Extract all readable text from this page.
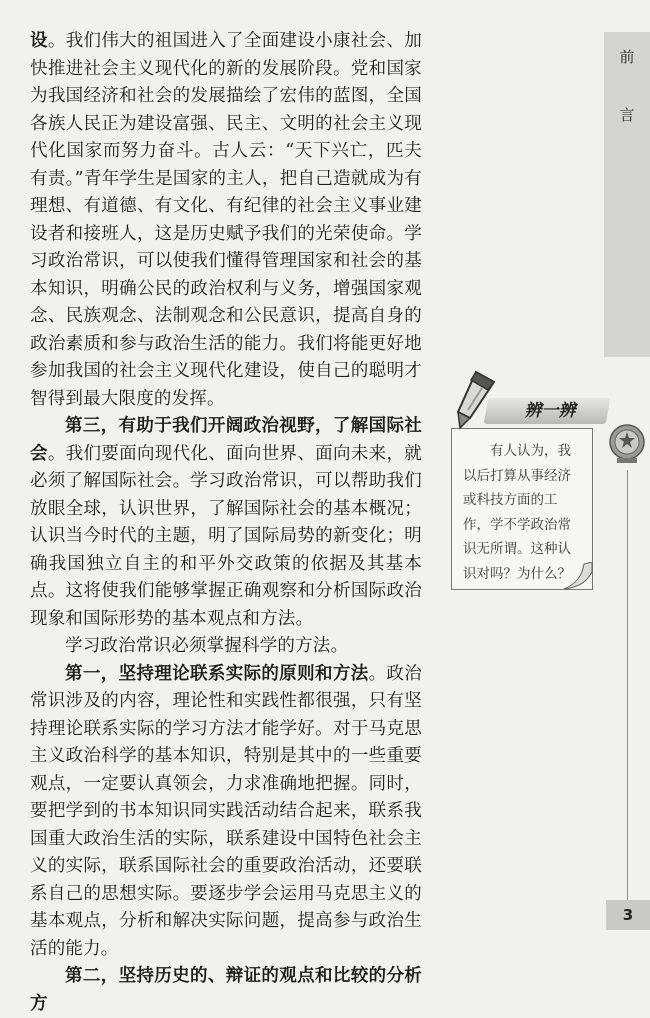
设。我们伟大的祖国进入了全面建设小康社会、加快推进社会主义现代化的新的发展阶段。党和国家为我国经济和社会的发展描绘了宏伟的蓝图，全国各族人民正为建设富强、民主、文明的社会主义现代化国家而努力奋斗。古人云：“天下兴亡，匹夫有责。”青年学生是国家的主人，把自己造就成为有理想、有道德、有文化、有纪律的社会主义事业建设者和接班人，这是历史赋予我们的光荣使命。学习政治常识，可以使我们懂得管理国家和社会的基本知识，明确公民的政治权利与义务，增强国家观念、民族观念、法制观念和公民意识，提高自身的政治素质和参与政治生活的能力。我们将能更好地参加我国的社会主义现代化建设，使自己的聪明才智得到最大限度的发挥。

第三，有助于我们开阔政治视野，了解国际社会。我们要面向现代化、面向世界、面向未来，就必须了解国际社会。学习政治常识，可以帮助我们放眼全球，认识世界，了解国际社会的基本概况；认识当今时代的主题，明了国际局势的新变化；明确我国独立自主的和平外交政策的依据及其基本点。这将使我们能够掌握正确观察和分析国际政治现象和国际形势的基本观点和方法。

学习政治常识必须掌握科学的方法。

第一，坚持理论联系实际的原则和方法。政治常识涉及的内容，理论性和实践性都很强，只有坚持理论联系实际的学习方法才能学好。对于马克思主义政治科学的基本知识，特别是其中的一些重要观点，一定要认真领会，力求准确地把握。同时，要把学到的书本知识同实践活动结合起来，联系我国重大政治生活的实际，联系建设中国特色社会主义的实际，联系国际社会的重要政治活动，还要联系自己的思想实际。要逐步学会运用马克思主义的基本观点，分析和解决实际问题，提高参与政治生活的能力。

第二，坚持历史的、辩证的观点和比较的分析方

前
言
3
辨一辨
有人认为，我
以后打算从事经济
或科技方面的工
作，学不学政治常
识无所谓。这种认
识对吗？为什么？
